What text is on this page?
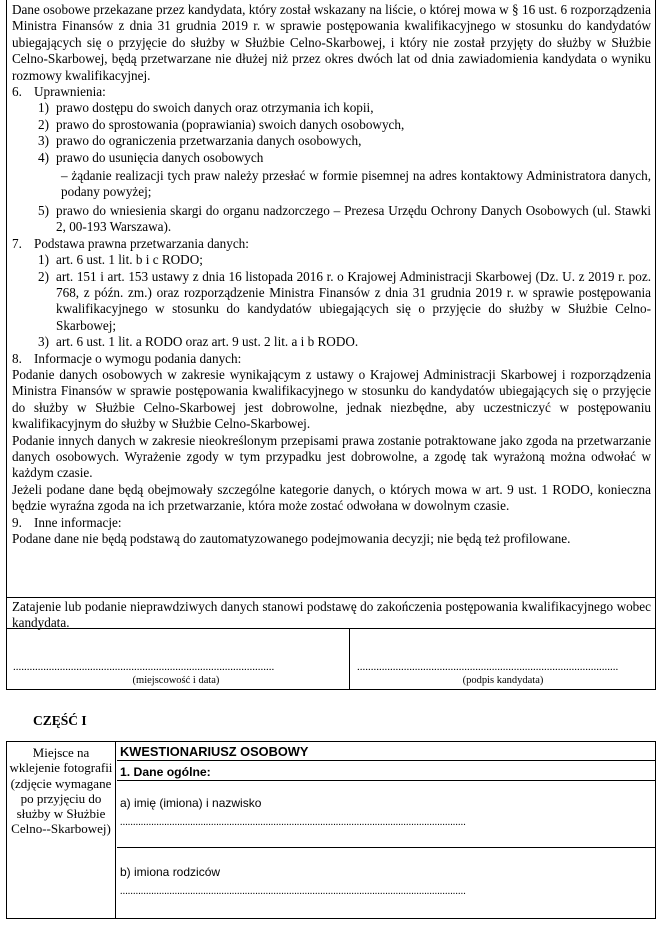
Dane osobowe przekazane przez kandydata, który został wskazany na liście, o której mowa w § 16 ust. 6 rozporządzenia Ministra Finansów z dnia 31 grudnia 2019 r. w sprawie postępowania kwalifikacyjnego w stosunku do kandydatów ubiegających się o przyjęcie do służby w Służbie Celno-Skarbowej, i który nie został przyjęty do służby w Służbie Celno-Skarbowej, będą przetwarzane nie dłużej niż przez okres dwóch lat od dnia zawiadomienia kandydata o wyniku rozmowy kwalifikacyjnej.

6. Uprawnienia:
1) prawo dostępu do swoich danych oraz otrzymania ich kopii,
2) prawo do sprostowania (poprawiania) swoich danych osobowych,
3) prawo do ograniczenia przetwarzania danych osobowych,
4) prawo do usunięcia danych osobowych

– żądanie realizacji tych praw należy przesłać w formie pisemnej na adres kontaktowy Administratora danych, podany powyżej;

5) prawo do wniesienia skargi do organu nadzorczego – Prezesa Urzędu Ochrony Danych Osobowych (ul. Stawki 2, 00-193 Warszawa).
7. Podstawa prawna przetwarzania danych:
1) art. 6 ust. 1 lit. b i c RODO;
2) art. 151 i art. 153 ustawy z dnia 16 listopada 2016 r. o Krajowej Administracji Skarbowej (Dz. U. z 2019 r. poz. 768, z późn. zm.) oraz rozporządzenie Ministra Finansów z dnia 31 grudnia 2019 r. w sprawie postępowania kwalifikacyjnego w stosunku do kandydatów ubiegających się o przyjęcie do służby w Służbie Celno-Skarbowej;
3) art. 6 ust. 1 lit. a RODO oraz art. 9 ust. 2 lit. a i b RODO.
8. Informacje o wymogu podania danych:

Podanie danych osobowych w zakresie wynikającym z ustawy o Krajowej Administracji Skarbowej i rozporządzenia Ministra Finansów w sprawie postępowania kwalifikacyjnego w stosunku do kandydatów ubiegających się o przyjęcie do służby w Służbie Celno-Skarbowej jest dobrowolne, jednak niezbędne, aby uczestniczyć w postępowaniu kwalifikacyjnym do służby w Służbie Celno-Skarbowej.

Podanie innych danych w zakresie nieokreślonym przepisami prawa zostanie potraktowane jako zgoda na przetwarzanie danych osobowych. Wyrażenie zgody w tym przypadku jest dobrowolne, a zgodę tak wyrażoną można odwołać w każdym czasie.

Jeżeli podane dane będą obejmowały szczególne kategorie danych, o których mowa w art. 9 ust. 1 RODO, konieczna będzie wyraźna zgoda na ich przetwarzanie, która może zostać odwołana w dowolnym czasie.

9. Inne informacje:

Podane dane nie będą podstawą do zautomatyzowanego podejmowania decyzji; nie będą też profilowane.

Zatajenie lub podanie nieprawdziwych danych stanowi podstawę do zakończenia postępowania kwalifikacyjnego wobec kandydata.
...............................................................................................
(miejscowość i data)
...............................................................................................
(podpis kandydata)
CZĘŚĆ I
Miejsce na wklejenie fotografii (zdjęcie wymagane po przyjęciu do służby w Służbie Celno--Skarbowej)
KWESTIONARIUSZ OSOBOWY
1. Dane ogólne:
a) imię (imiona) i nazwisko
.....................................................................................................................................
b) imiona rodziców
.....................................................................................................................................
